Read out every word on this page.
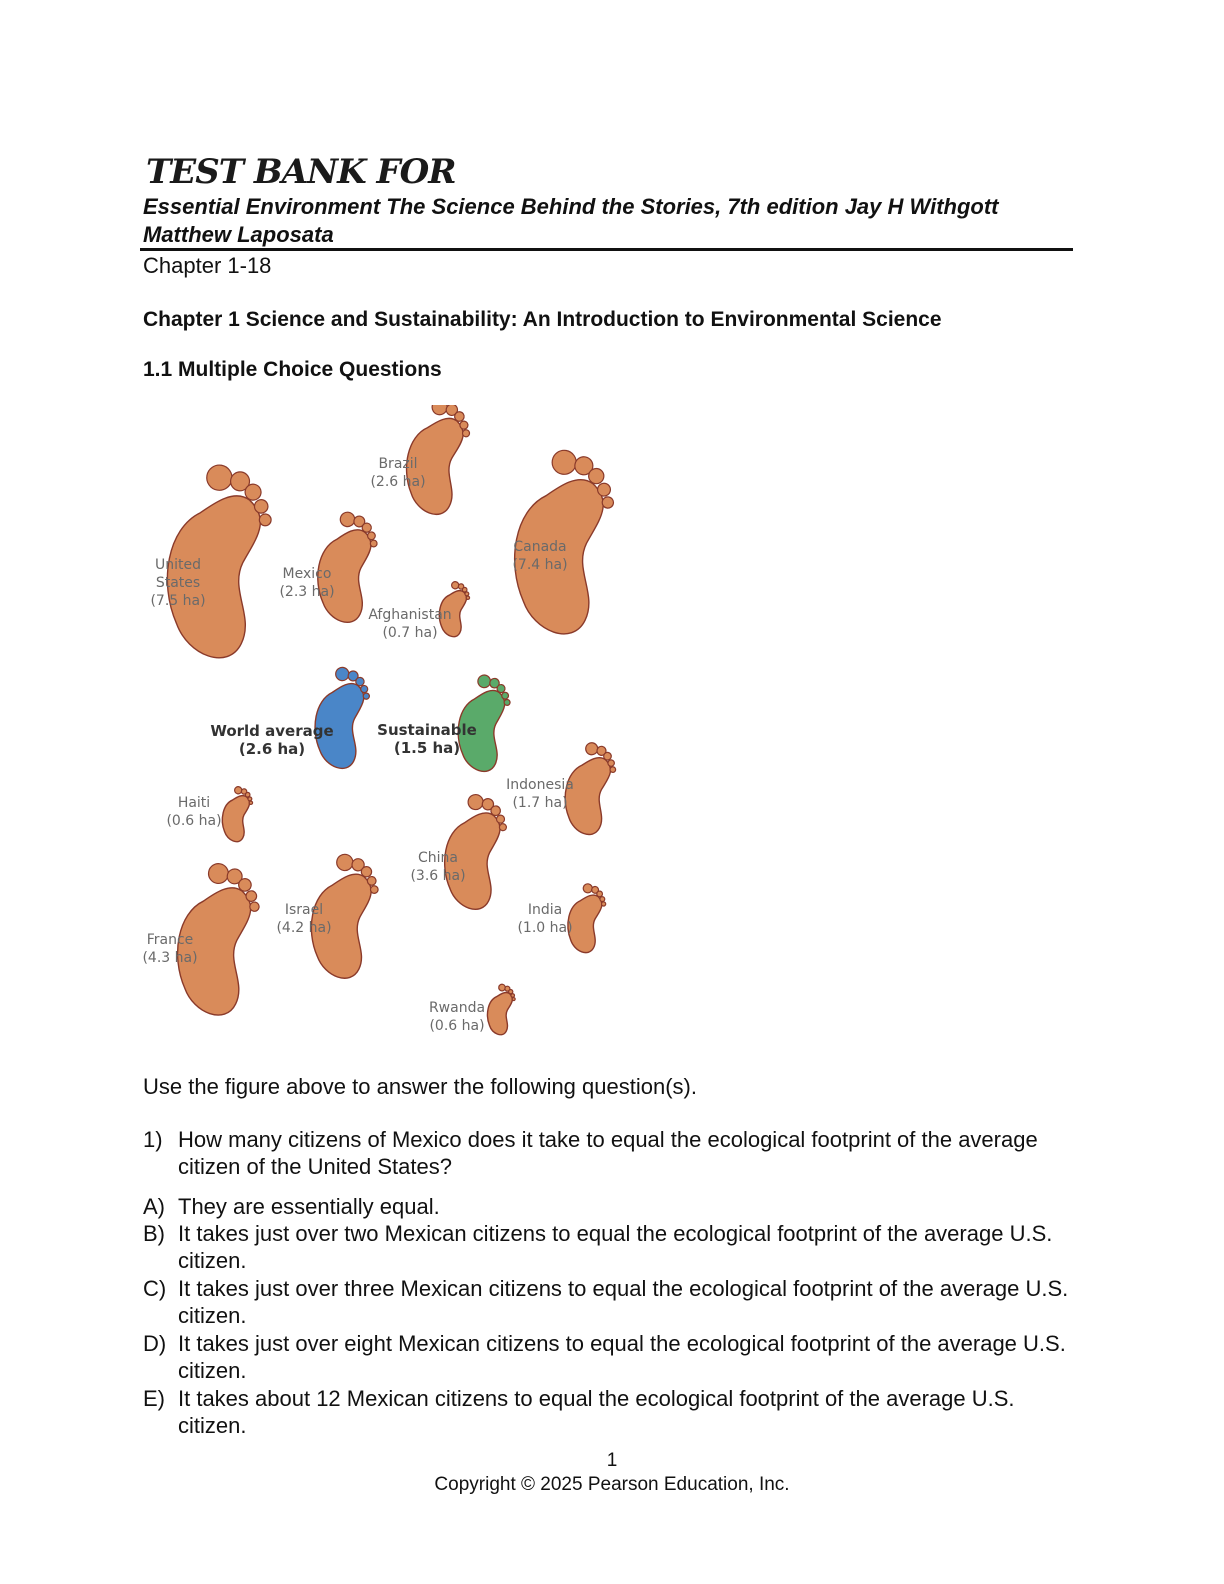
TEST BANK FOR
Essential Environment The Science Behind the Stories, 7th edition Jay H Withgott Matthew Laposata
Chapter 1-18
Chapter 1 Science and Sustainability: An Introduction to Environmental Science
1.1 Multiple Choice Questions
United
States
(7.5 ha)
Brazil
(2.6 ha)
Mexico
(2.3 ha)
Canada
(7.4 ha)
Afghanistan
(0.7 ha)
World average
(2.6 ha)
Sustainable
(1.5 ha)
Indonesia
(1.7 ha)
Haiti
(0.6 ha)
China
(3.6 ha)
Israel
(4.2 ha)
France
(4.3 ha)
India
(1.0 ha)
Rwanda
(0.6 ha)
Use the figure above to answer the following question(s).
1) How many citizens of Mexico does it take to equal the ecological footprint of the average citizen of the United States?
A) They are essentially equal.
B) It takes just over two Mexican citizens to equal the ecological footprint of the average U.S. citizen.
C) It takes just over three Mexican citizens to equal the ecological footprint of the average U.S. citizen.
D) It takes just over eight Mexican citizens to equal the ecological footprint of the average U.S. citizen.
E) It takes about 12 Mexican citizens to equal the ecological footprint of the average U.S. citizen.
1
Copyright © 2025 Pearson Education, Inc.
